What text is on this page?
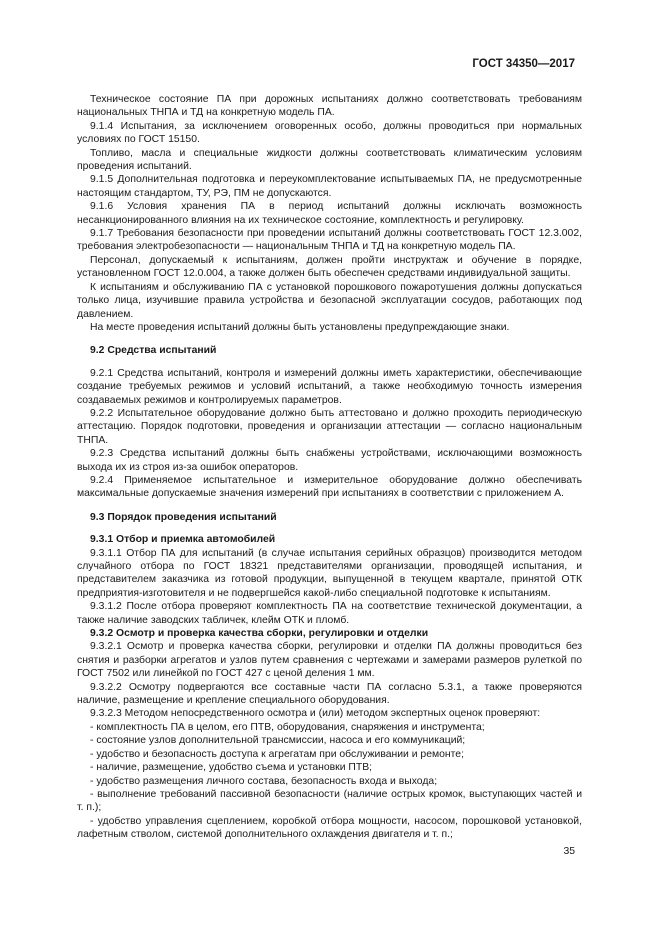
ГОСТ 34350—2017

Техническое состояние ПА при дорожных испытаниях должно соответствовать требованиям национальных ТНПА и ТД на конкретную модель ПА.

9.1.4 Испытания, за исключением оговоренных особо, должны проводиться при нормальных условиях по ГОСТ 15150.

Топливо, масла и специальные жидкости должны соответствовать климатическим условиям проведения испытаний.

9.1.5 Дополнительная подготовка и переукомплектование испытываемых ПА, не предусмотренные настоящим стандартом, ТУ, РЭ, ПМ не допускаются.

9.1.6 Условия хранения ПА в период испытаний должны исключать возможность несанкционированного влияния на их техническое состояние, комплектность и регулировку.

9.1.7 Требования безопасности при проведении испытаний должны соответствовать ГОСТ 12.3.002, требования электробезопасности — национальным ТНПА и ТД на конкретную модель ПА.

Персонал, допускаемый к испытаниям, должен пройти инструктаж и обучение в порядке, установленном ГОСТ 12.0.004, а также должен быть обеспечен средствами индивидуальной защиты.

К испытаниям и обслуживанию ПА с установкой порошкового пожаротушения должны допускаться только лица, изучившие правила устройства и безопасной эксплуатации сосудов, работающих под давлением.

На месте проведения испытаний должны быть установлены предупреждающие знаки.

9.2 Средства испытаний

9.2.1 Средства испытаний, контроля и измерений должны иметь характеристики, обеспечивающие создание требуемых режимов и условий испытаний, а также необходимую точность измерения создаваемых режимов и контролируемых параметров.

9.2.2 Испытательное оборудование должно быть аттестовано и должно проходить периодическую аттестацию. Порядок подготовки, проведения и организации аттестации — согласно национальным ТНПА.

9.2.3 Средства испытаний должны быть снабжены устройствами, исключающими возможность выхода их из строя из-за ошибок операторов.

9.2.4 Применяемое испытательное и измерительное оборудование должно обеспечивать максимальные допускаемые значения измерений при испытаниях в соответствии с приложением А.

9.3 Порядок проведения испытаний
9.3.1 Отбор и приемка автомобилей

9.3.1.1 Отбор ПА для испытаний (в случае испытания серийных образцов) производится методом случайного отбора по ГОСТ 18321 представителями организации, проводящей испытания, и представителем заказчика из готовой продукции, выпущенной в текущем квартале, принятой ОТК предприятия-изготовителя и не подвергшейся какой-либо специальной подготовке к испытаниям.

9.3.1.2 После отбора проверяют комплектность ПА на соответствие технической документации, а также наличие заводских табличек, клейм ОТК и пломб.

9.3.2 Осмотр и проверка качества сборки, регулировки и отделки

9.3.2.1 Осмотр и проверка качества сборки, регулировки и отделки ПА должны проводиться без снятия и разборки агрегатов и узлов путем сравнения с чертежами и замерами размеров рулеткой по ГОСТ 7502 или линейкой по ГОСТ 427 с ценой деления 1 мм.

9.3.2.2 Осмотру подвергаются все составные части ПА согласно 5.3.1, а также проверяются наличие, размещение и крепление специального оборудования.

9.3.2.3 Методом непосредственного осмотра и (или) методом экспертных оценок проверяют:

- комплектность ПА в целом, его ПТВ, оборудования, снаряжения и инструмента;
- состояние узлов дополнительной трансмиссии, насоса и его коммуникаций;
- удобство и безопасность доступа к агрегатам при обслуживании и ремонте;
- наличие, размещение, удобство съема и установки ПТВ;
- удобство размещения личного состава, безопасность входа и выхода;

- выполнение требований пассивной безопасности (наличие острых кромок, выступающих частей и т. п.);

- удобство управления сцеплением, коробкой отбора мощности, насосом, порошковой установкой, лафетным стволом, системой дополнительного охлаждения двигателя и т. п.;

35
